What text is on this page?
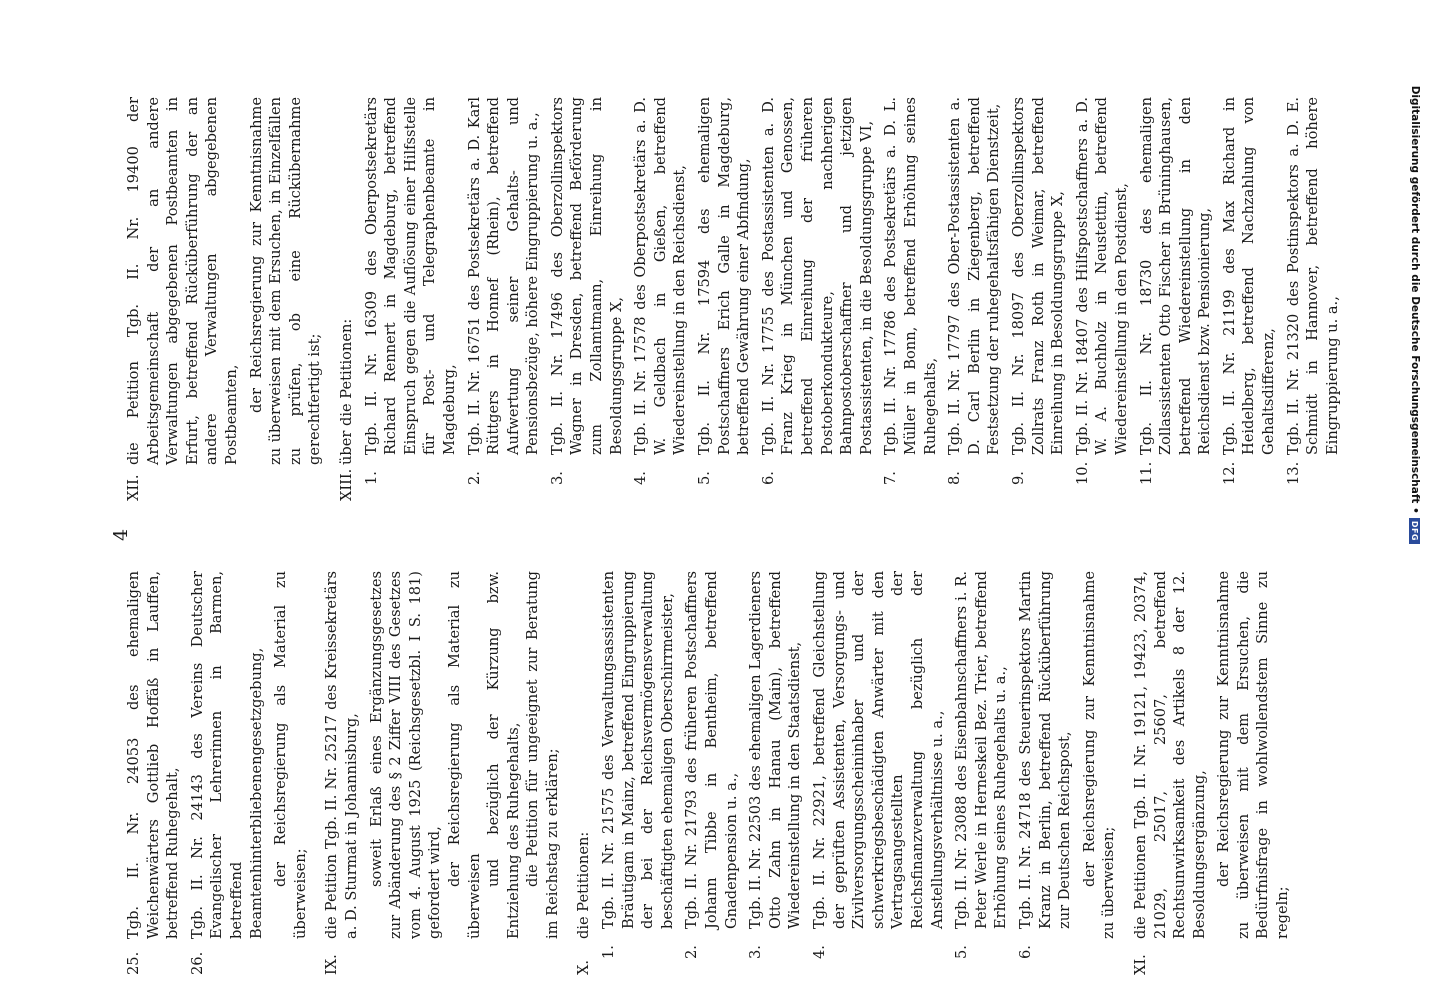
4
25.
Tgb. II. Nr. 24053 des ehemaligen Weichenwärters Gottlieb Hoffäß in Lauffen, betreffend Ruhegehalt,
26.
Tgb. II. Nr. 24143 des Vereins Deutscher Evangelischer Lehrerinnen in Barmen, betreffend Beamtenhinterbliebenengesetzgebung, der Reichsregierung als Material zu überweisen;

IX.
die Petition Tgb. II. Nr. 25217 des Kreissekretärs a. D. Sturmat in Johannisburg, soweit Erlaß eines Ergänzungsgesetzes zur Abänderung des § 2 Ziffer VIII des Gesetzes vom 4. August 1925 (Reichsgesetzbl. I S. 181) gefordert wird, der Reichsregierung als Material zu überweisen

und bezüglich der Kürzung bzw. Entziehung des Ruhegehalts, die Petition für ungeeignet zur Beratung im Reichstag zu erklären;

X.
die Petitionen:
1.
Tgb. II. Nr. 21575 des Verwaltungsassistenten Bräutigam in Mainz, betreffend Eingruppierung der bei der Reichsvermögensverwaltung beschäftigten ehemaligen Oberschirrmeister,
2.
Tgb. II. Nr. 21793 des früheren Postschaffners Johann Tibbe in Bentheim, betreffend Gnadenpension u. a.,
3.
Tgb. II. Nr. 22503 des ehemaligen Lagerdieners Otto Zahn in Hanau (Main), betreffend Wiedereinstellung in den Staatsdienst,
4.
Tgb. II. Nr. 22921, betreffend Gleichstellung der geprüften Assistenten, Versorgungs- und Zivilversorgungsscheininhaber und der schwerkriegsbeschädigten Anwärter mit den Vertragsangestellten der Reichsfinanzverwaltung bezüglich der Anstellungsverhältnisse u. a.,
5.
Tgb. II. Nr. 23088 des Eisenbahnschaffners i. R. Peter Werle in Herneskeil Bez. Trier, betreffend Erhöhung seines Ruhegehalts u. a.,
6.
Tgb. II. Nr. 24718 des Steuerinspektors Martin Kranz in Berlin, betreffend Rücküberführung zur Deutschen Reichspost, der Reichsregierung zur Kenntnisnahme zu überweisen;

XI.
die Petitionen Tgb. II. Nr. 19121, 19423, 20374, 21029, 25017, 25607, betreffend Rechtsunwirksamkeit des Artikels 8 der 12. Besoldungsergänzung, der Reichsregierung zur Kenntnisnahme zu überweisen mit dem Ersuchen, die Bedürfnisfrage in wohlwollendstem Sinne zu regeln;

XII.
die Petition Tgb. II. Nr. 19400 der Arbeitsgemeinschaft der an andere Verwaltungen abgegebenen Postbeamten in Erfurt, betreffend Rücküberführung der an andere Verwaltungen abgegebenen Postbeamten,

der Reichsregierung zur Kenntnisnahme zu überweisen mit dem Ersuchen, in Einzelfällen zu prüfen, ob eine Rückübernahme gerechtfertigt ist;

XIII.
über die Petitionen:
1.
Tgb. II. Nr. 16309 des Oberpostsekretärs Richard Rennert in Magdeburg, betreffend Einspruch gegen die Auflösung einer Hilfsstelle für Post- und Telegraphenbeamte in Magdeburg,
2.
Tgb. II. Nr. 16751 des Postsekretärs a. D. Karl Rüttgers in Honnef (Rhein), betreffend Aufwertung seiner Gehalts- und Pensionsbezüge, höhere Eingruppierung u. a.,
3.
Tgb. II. Nr. 17496 des Oberzollinspektors Wagner in Dresden, betreffend Beförderung zum Zollamtmann, Einreihung in Besoldungsgruppe X,
4.
Tgb. II. Nr. 17578 des Oberpostsekretärs a. D. W. Geldbach in Gießen, betreffend Wiedereinstellung in den Reichsdienst,
5.
Tgb. II. Nr. 17594 des ehemaligen Postschaffners Erich Galle in Magdeburg, betreffend Gewährung einer Abfindung,
6.
Tgb. II. Nr. 17755 des Postassistenten a. D. Franz Krieg in München und Genossen, betreffend Einreihung der früheren Postoberkondukteure, nachherigen Bahnpostoberschaffner und jetzigen Postassistenten, in die Besoldungsgruppe VI,
7.
Tgb. II. Nr. 17786 des Postsekretärs a. D. L. Müller in Bonn, betreffend Erhöhung seines Ruhegehalts,
8.
Tgb. II. Nr. 17797 des Ober-Postassistenten a. D. Carl Berlin in Ziegenberg, betreffend Festsetzung der ruhegehaltsfähigen Dienstzeit,
9.
Tgb. II. Nr. 18097 des Oberzollinspektors Zollrats Franz Roth in Weimar, betreffend Einreihung in Besoldungsgruppe X,
10.
Tgb. II. Nr. 18407 des Hilfspostschaffners a. D. W. A. Buchholz in Neustettin, betreffend Wiedereinstellung in den Postdienst,
11.
Tgb. II. Nr. 18730 des ehemaligen Zollassistenten Otto Fischer in Brüninghausen, betreffend Wiedereinstellung in den Reichsdienst bzw. Pensionierung,
12.
Tgb. II. Nr. 21199 des Max Richard in Heidelberg, betreffend Nachzahlung von Gehaltsdifferenz,
13.
Tgb. II. Nr. 21320 des Postinspektors a. D. E. Schmidt in Hannover, betreffend höhere Eingruppierung u. a.,	Digitalisierung gefördert durch die Deutsche Forschungsgemeinschaft •
DFG
